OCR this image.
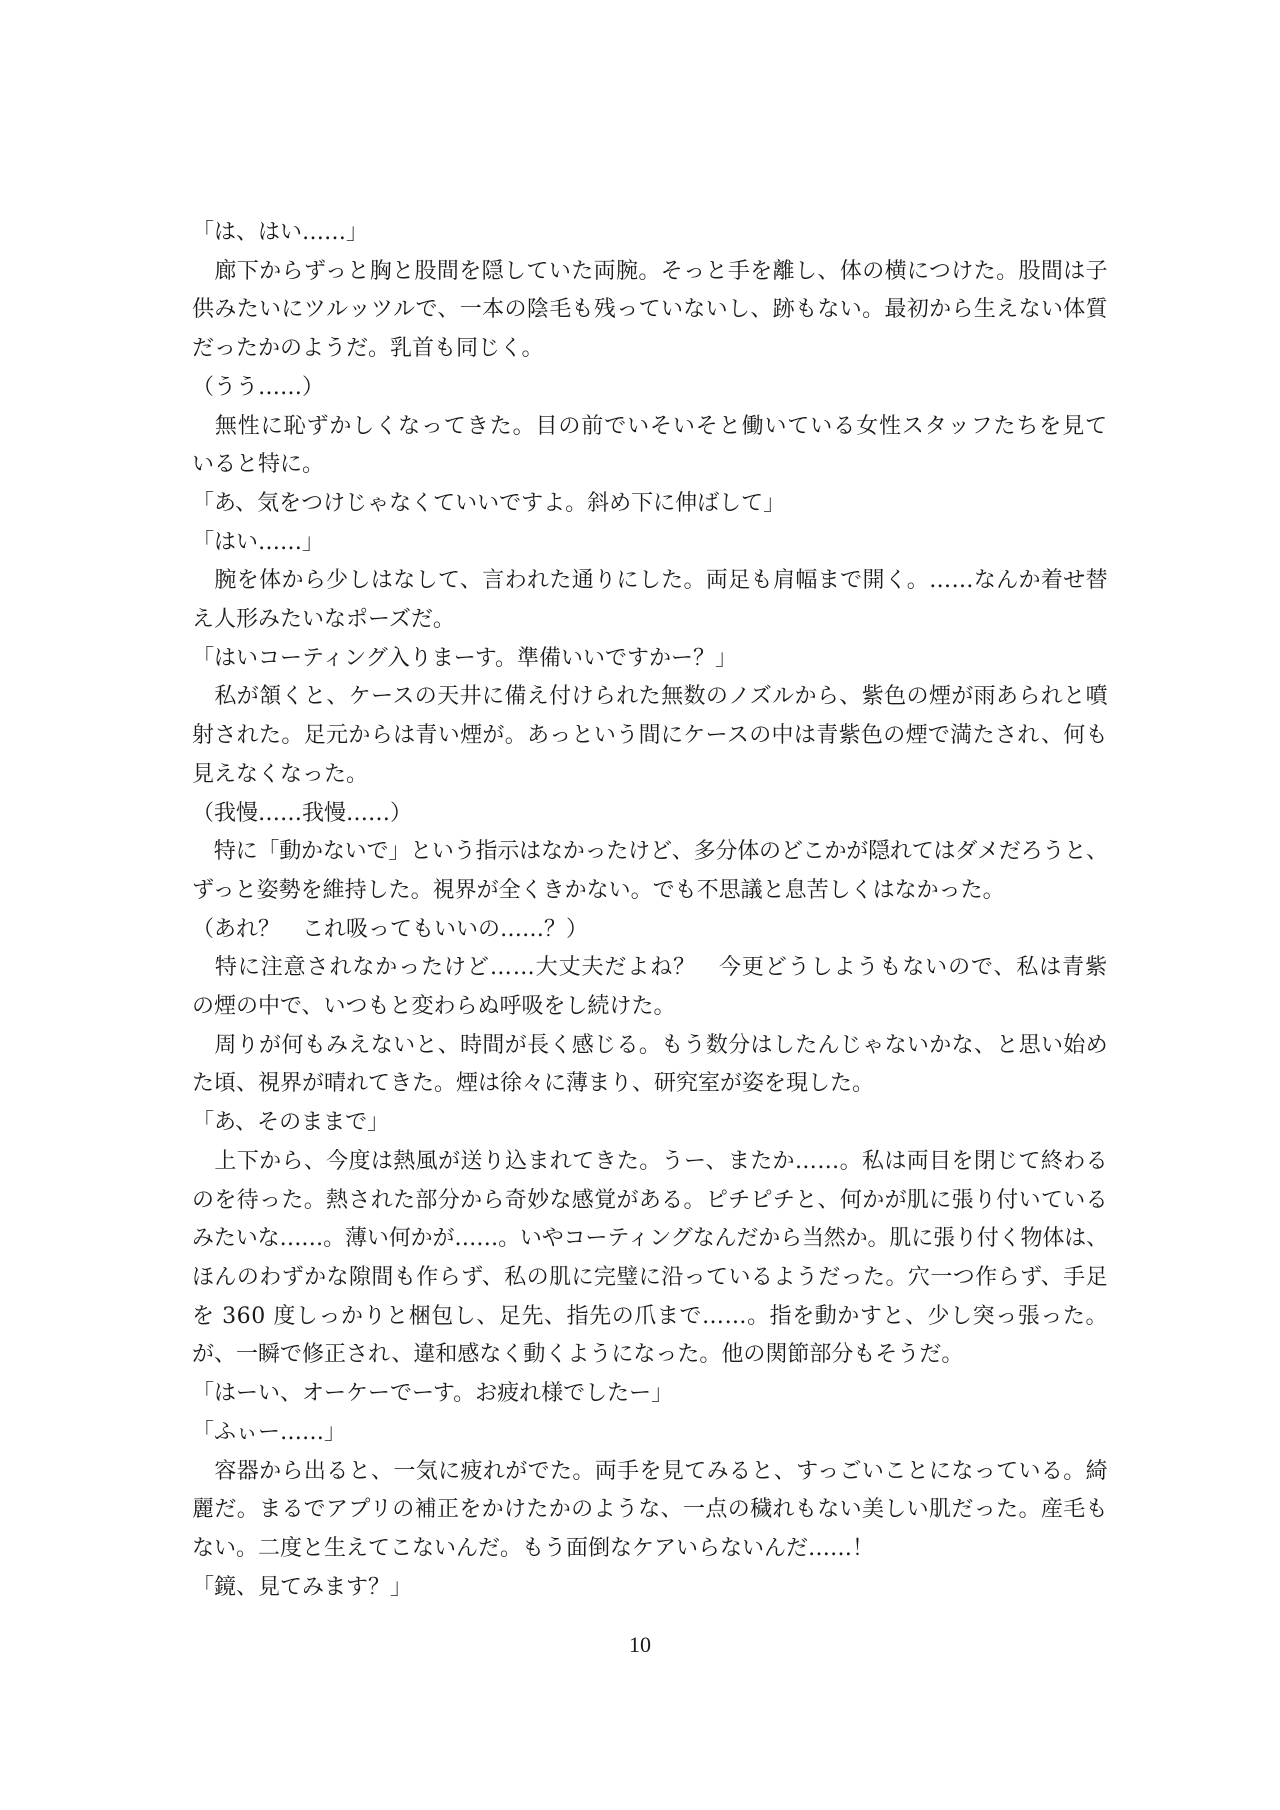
「は、はい……」
　廊下からずっと胸と股間を隠していた両腕。そっと手を離し、体の横につけた。股間は子
供みたいにツルッツルで、一本の陰毛も残っていないし、跡もない。最初から生えない体質
だったかのようだ。乳首も同じく。
（うう……）
　無性に恥ずかしくなってきた。目の前でいそいそと働いている女性スタッフたちを見て
いると特に。
「あ、気をつけじゃなくていいですよ。斜め下に伸ばして」
「はい……」
　腕を体から少しはなして、言われた通りにした。両足も肩幅まで開く。……なんか着せ替
え人形みたいなポーズだ。
「はいコーティング入りまーす。準備いいですかー？」
　私が頷くと、ケースの天井に備え付けられた無数のノズルから、紫色の煙が雨あられと噴
射された。足元からは青い煙が。あっという間にケースの中は青紫色の煙で満たされ、何も
見えなくなった。
（我慢……我慢……）
　特に「動かないで」という指示はなかったけど、多分体のどこかが隠れてはダメだろうと、
ずっと姿勢を維持した。視界が全くきかない。でも不思議と息苦しくはなかった。
（あれ？　これ吸ってもいいの……？）
　特に注意されなかったけど……大丈夫だよね？　今更どうしようもないので、私は青紫
の煙の中で、いつもと変わらぬ呼吸をし続けた。
　周りが何もみえないと、時間が長く感じる。もう数分はしたんじゃないかな、と思い始め
た頃、視界が晴れてきた。煙は徐々に薄まり、研究室が姿を現した。
「あ、そのままで」
　上下から、今度は熱風が送り込まれてきた。うー、またか……。私は両目を閉じて終わる
のを待った。熱された部分から奇妙な感覚がある。ピチピチと、何かが肌に張り付いている
みたいな……。薄い何かが……。いやコーティングなんだから当然か。肌に張り付く物体は、
ほんのわずかな隙間も作らず、私の肌に完璧に沿っているようだった。穴一つ作らず、手足
を 360 度しっかりと梱包し、足先、指先の爪まで……。指を動かすと、少し突っ張った。
が、一瞬で修正され、違和感なく動くようになった。他の関節部分もそうだ。
「はーい、オーケーでーす。お疲れ様でしたー」
「ふぃー……」
　容器から出ると、一気に疲れがでた。両手を見てみると、すっごいことになっている。綺
麗だ。まるでアプリの補正をかけたかのような、一点の穢れもない美しい肌だった。産毛も
ない。二度と生えてこないんだ。もう面倒なケアいらないんだ……！
「鏡、見てみます？」
10
